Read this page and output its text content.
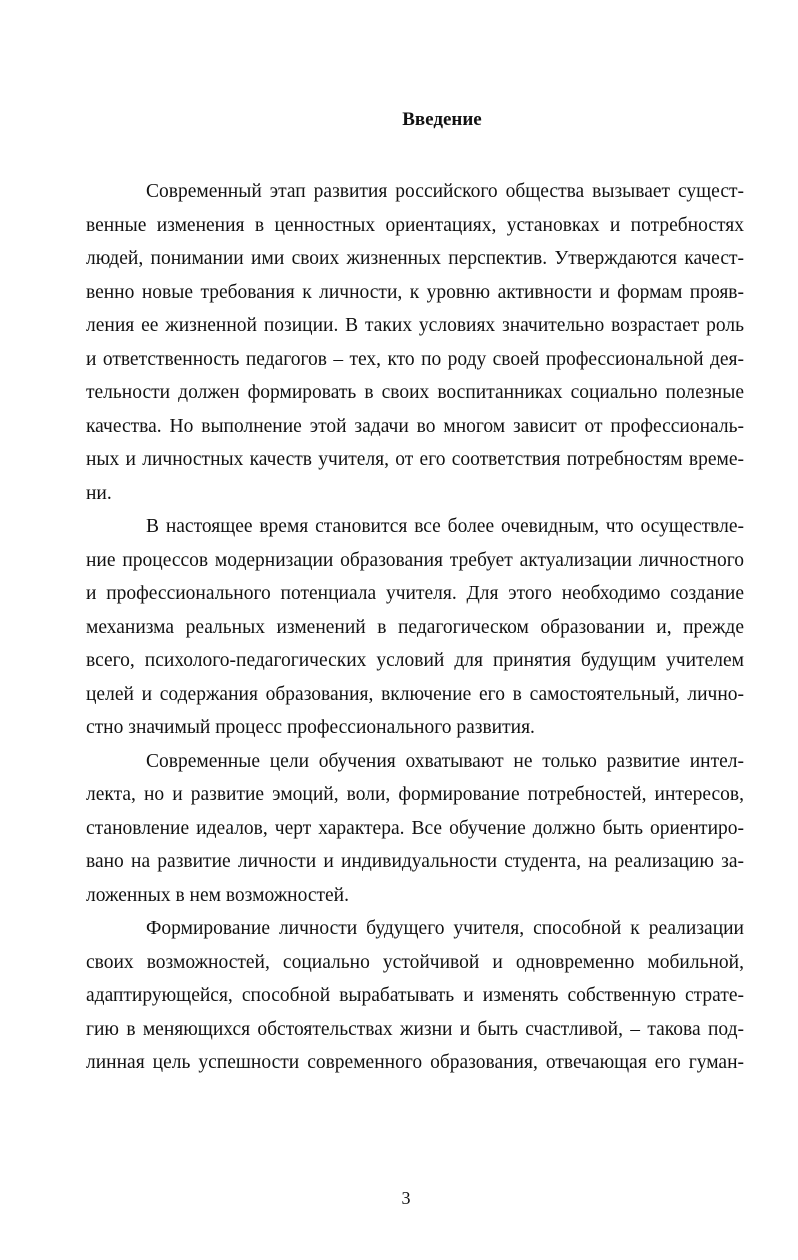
Введение
Современный этап развития российского общества вызывает сущест-
венные изменения в ценностных ориентациях, установках и потребностях
людей, понимании ими своих жизненных перспектив. Утверждаются качест-
венно новые требования к личности, к уровню активности и формам прояв-
ления ее жизненной позиции. В таких условиях значительно возрастает роль
и ответственность педагогов – тех, кто по роду своей профессиональной дея-
тельности должен формировать в своих воспитанниках социально полезные
качества. Но выполнение этой задачи во многом зависит от профессиональ-
ных и личностных качеств учителя, от его соответствия потребностям време-
ни.
В настоящее время становится все более очевидным, что осуществле-
ние процессов модернизации образования требует актуализации личностного
и профессионального потенциала учителя. Для этого необходимо создание
механизма реальных изменений в педагогическом образовании и, прежде
всего, психолого-педагогических условий для принятия будущим учителем
целей и содержания образования, включение его в самостоятельный, лично-
стно значимый процесс профессионального развития.
Современные цели обучения охватывают не только развитие интел-
лекта, но и развитие эмоций, воли, формирование потребностей, интересов,
становление идеалов, черт характера. Все обучение должно быть ориентиро-
вано на развитие личности и индивидуальности студента, на реализацию за-
ложенных в нем возможностей.
Формирование личности будущего учителя, способной к реализации
своих возможностей, социально устойчивой и одновременно мобильной,
адаптирующейся, способной вырабатывать и изменять собственную страте-
гию в меняющихся обстоятельствах жизни и быть счастливой, – такова под-
линная цель успешности современного образования, отвечающая его гуман-
3
